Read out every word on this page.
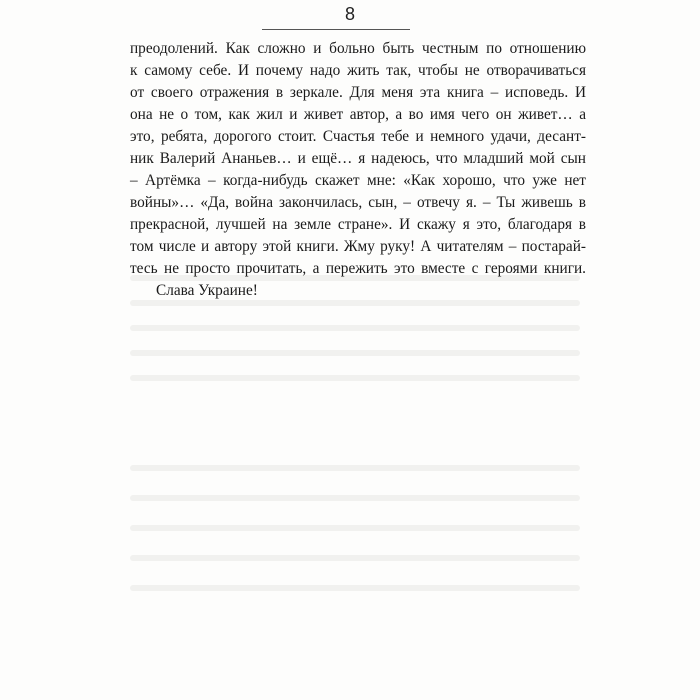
8
преодолений. Как сложно и больно быть честным по отношению
к самому себе. И почему надо жить так, чтобы не отворачиваться
от своего отражения в зеркале. Для меня эта книга – исповедь. И
она не о том, как жил и живет автор, а во имя чего он живет… а
это, ребята, дорогого стоит. Счастья тебе и немного удачи, десант-
ник Валерий Ананьев… и ещё… я надеюсь, что младший мой сын
– Артёмка – когда-нибудь скажет мне: «Как хорошо, что уже нет
войны»… «Да, война закончилась, сын, – отвечу я. – Ты живешь в
прекрасной, лучшей на земле стране». И скажу я это, благодаря в
том числе и автору этой книги. Жму руку! А читателям – постарай-
тесь не просто прочитать, а пережить это вместе с героями книги.
Слава Украине!
